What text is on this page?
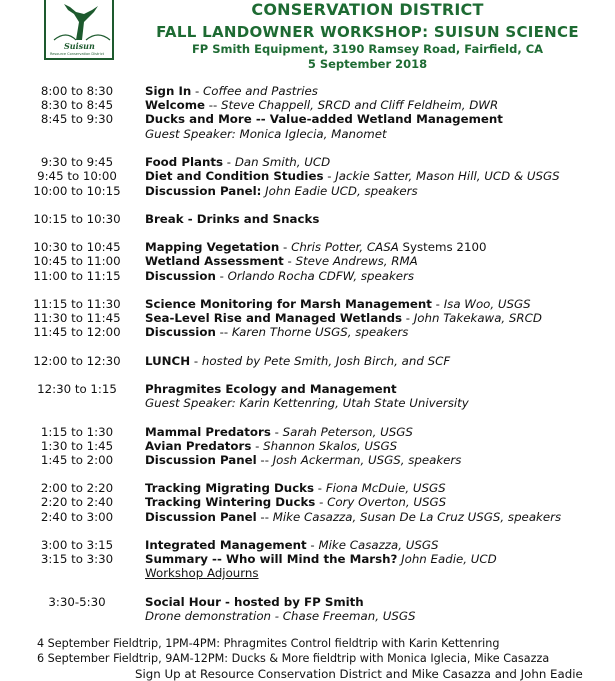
Suisun
Resource Conservation District
CONSERVATION DISTRICT
FALL LANDOWNER WORKSHOP: SUISUN SCIENCE
FP Smith Equipment, 3190 Ramsey Road, Fairfield, CA
5 September 2018
8:00 to 8:30	Sign In - Coffee and Pastries
8:30 to 8:45	Welcome -- Steve Chappell, SRCD and Cliff Feldheim, DWR
8:45 to 9:30	Ducks and More -- Value-added Wetland Management
Guest Speaker: Monica Iglecia, Manomet
9:30 to 9:45	Food Plants - Dan Smith, UCD
9:45 to 10:00	Diet and Condition Studies - Jackie Satter, Mason Hill, UCD & USGS
10:00 to 10:15	Discussion Panel: John Eadie UCD, speakers
10:15 to 10:30	Break - Drinks and Snacks
10:30 to 10:45	Mapping Vegetation - Chris Potter, CASA Systems 2100
10:45 to 11:00	Wetland Assessment - Steve Andrews, RMA
11:00 to 11:15	Discussion - Orlando Rocha CDFW, speakers
11:15 to 11:30	Science Monitoring for Marsh Management - Isa Woo, USGS
11:30 to 11:45	Sea-Level Rise and Managed Wetlands - John Takekawa, SRCD
11:45 to 12:00	Discussion -- Karen Thorne USGS, speakers
12:00 to 12:30	LUNCH - hosted by Pete Smith, Josh Birch, and SCF
12:30 to 1:15	Phragmites Ecology and Management
Guest Speaker: Karin Kettenring, Utah State University
1:15 to 1:30	Mammal Predators - Sarah Peterson, USGS
1:30 to 1:45	Avian Predators - Shannon Skalos, USGS
1:45 to 2:00	Discussion Panel -- Josh Ackerman, USGS, speakers
2:00 to 2:20	Tracking Migrating Ducks - Fiona McDuie, USGS
2:20 to 2:40	Tracking Wintering Ducks - Cory Overton, USGS
2:40 to 3:00	Discussion Panel -- Mike Casazza, Susan De La Cruz USGS, speakers
3:00 to 3:15	Integrated Management - Mike Casazza, USGS
3:15 to 3:30	Summary -- Who will Mind the Marsh? John Eadie, UCD
Workshop Adjourns
3:30-5:30	Social Hour - hosted by FP Smith
Drone demonstration - Chase Freeman, USGS
4 September Fieldtrip, 1PM-4PM: Phragmites Control fieldtrip with Karin Kettenring
6 September Fieldtrip, 9AM-12PM: Ducks & More fieldtrip with Monica Iglecia, Mike Casazza
Sign Up at Resource Conservation District and Mike Casazza and John Eadie
